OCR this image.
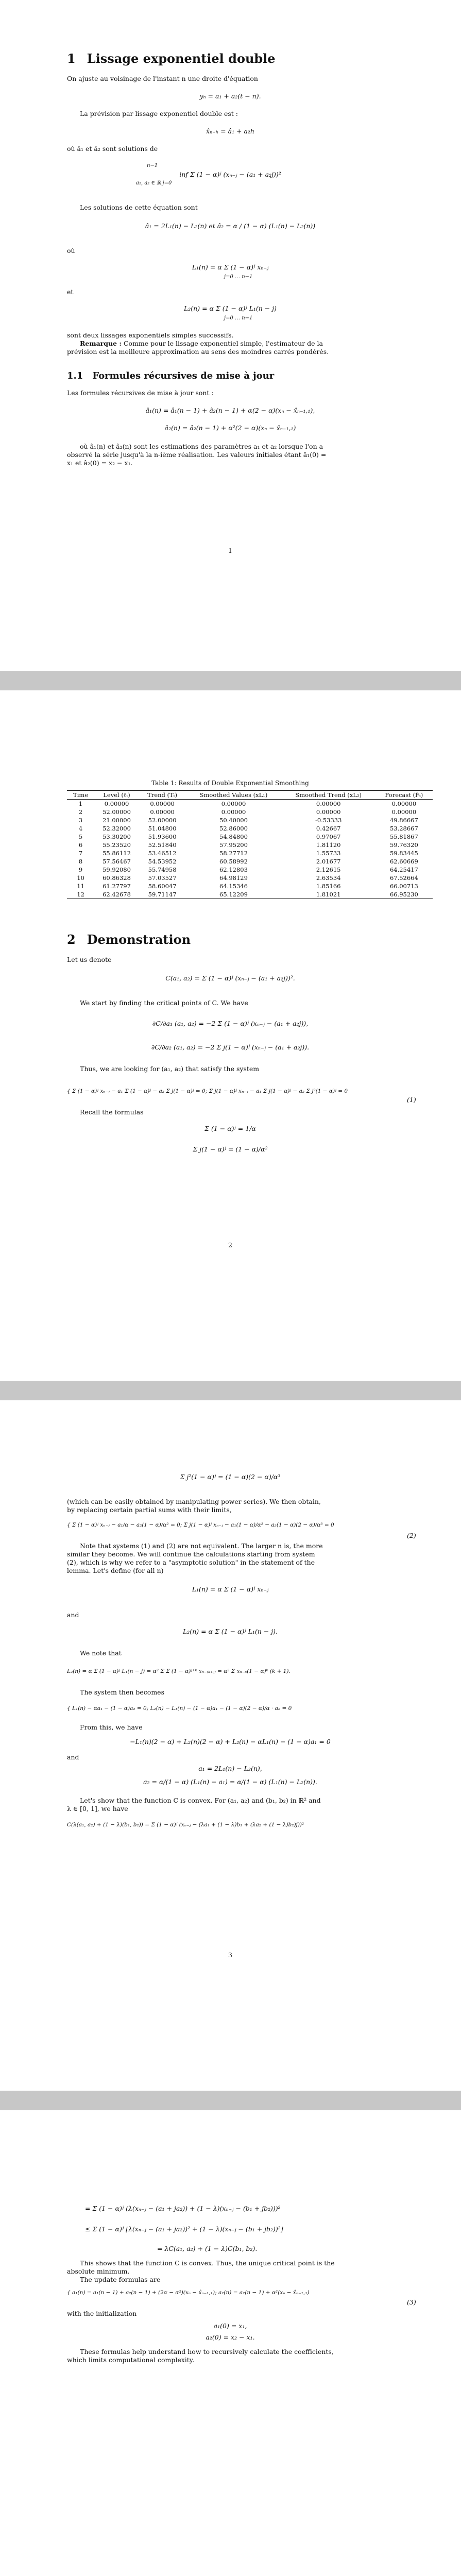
1 Lissage exponentiel double
On ajuste au voisinage de l'instant n une droite d'équation
yₙ = a₁ + a₂(t − n).
La prévision par lissage exponentiel double est :
x̂ₙ₊ₕ = â₁ + a₂h
où â₁ et â₂ sont solutions de
n−1
inf Σ (1 − α)ʲ (xₙ₋ⱼ − (a₁ + a₂j))²
a₁, a₂ ∈ ℝ j=0
Les solutions de cette équation sont
â₁ = 2L₁(n) − L₂(n) et â₂ = α / (1 − α) (L₁(n) − L₂(n))
où
L₁(n) = α Σ (1 − α)ʲ xₙ₋ⱼ
j=0 … n−1
et
L₂(n) = α Σ (1 − α)ʲ L₁(n − j)
j=0 … n−1
sont deux lissages exponentiels simples successifs.
Remarque : Comme pour le lissage exponentiel simple, l'estimateur de la
prévision est la meilleure approximation au sens des moindres carrés pondérés.
1.1 Formules récursives de mise à jour
Les formules récursives de mise à jour sont :
â₁(n) = â₁(n − 1) + â₂(n − 1) + α(2 − α)(xₙ − x̂ₙ₋₁,₁),
â₂(n) = â₂(n − 1) + α²(2 − α)(xₙ − x̂ₙ₋₁,₁)
où â₁(n) et â₂(n) sont les estimations des paramètres a₁ et a₂ lorsque l'on a
observé la série jusqu'à la n-ième réalisation. Les valeurs initiales étant â₁(0) =
x₁ et â₂(0) = x₂ − x₁.
1
Table 1: Results of Double Exponential Smoothing
Time	Level (ℓₜ)	Trend (Tₜ)	Smoothed Values (xL₁)	Smoothed Trend (xL₂)	Forecast (F̂ₜ)
1	0.00000	0.00000	0.00000	0.00000	0.00000
2	52.00000	0.00000	0.00000	0.00000	0.00000
3	21.00000	52.00000	50.40000	-0.53333	49.86667
4	52.32000	51.04800	52.86000	0.42667	53.28667
5	53.30200	51.93600	54.84800	0.97067	55.81867
6	55.23520	52.51840	57.95200	1.81120	59.76320
7	55.86112	53.46512	58.27712	1.55733	59.83445
8	57.56467	54.53952	60.58992	2.01677	62.60669
9	59.92080	55.74958	62.12803	2.12615	64.25417
10	60.86328	57.03527	64.98129	2.63534	67.52664
11	61.27797	58.60047	64.15346	1.85166	66.00713
12	62.42678	59.71147	65.12209	1.81021	66.95230
2 Demonstration
Let us denote
C(a₁, a₂) = Σ (1 − α)ʲ (xₙ₋ⱼ − (a₁ + a₂j))².
We start by finding the critical points of C. We have
∂C/∂a₁ (a₁, a₂) = −2 Σ (1 − α)ʲ (xₙ₋ⱼ − (a₁ + a₂j)),
∂C/∂a₂ (a₁, a₂) = −2 Σ j(1 − α)ʲ (xₙ₋ⱼ − (a₁ + a₂j)).
Thus, we are looking for (a₁, a₂) that satisfy the system
{ Σ (1 − α)ʲ xₙ₋ⱼ − a₁ Σ (1 − α)ʲ − a₂ Σ j(1 − α)ʲ = 0; Σ j(1 − α)ʲ xₙ₋ⱼ − a₁ Σ j(1 − α)ʲ − a₂ Σ j²(1 − α)ʲ = 0
(1)
Recall the formulas
Σ (1 − α)ʲ = 1/α
Σ j(1 − α)ʲ = (1 − α)/α²
2
Σ j²(1 − α)ʲ = (1 − α)(2 − α)/α³
(which can be easily obtained by manipulating power series). We then obtain,
by replacing certain partial sums with their limits,
{ Σ (1 − α)ʲ xₙ₋ⱼ − a₁/α − a₂(1 − α)/α² = 0; Σ j(1 − α)ʲ xₙ₋ⱼ − a₁(1 − α)/α² − a₂(1 − α)(2 − α)/α³ = 0
(2)
Note that systems (1) and (2) are not equivalent. The larger n is, the more
similar they become. We will continue the calculations starting from system
(2), which is why we refer to a "asymptotic solution" in the statement of the
lemma. Let's define (for all n)
L₁(n) = α Σ (1 − α)ʲ xₙ₋ⱼ
and
L₂(n) = α Σ (1 − α)ʲ L₁(n − j).
We note that
L₂(n) = α Σ (1 − α)ʲ L₁(n − j) = α² Σ Σ (1 − α)ʲ⁺ᵏ xₙ₋₍ₖ₊ⱼ₎ = α² Σ xₙ₋ₖ(1 − α)ᵏ (k + 1).
The system then becomes
{ L₁(n) − αa₁ − (1 − α)a₂ = 0; L₂(n) − L₁(n) − (1 − α)a₁ − (1 − α)(2 − α)/α · a₂ = 0
From this, we have
−L₁(n)(2 − α) + L₂(n)(2 − α) + L₂(n) − αL₁(n) − (1 − α)a₁ = 0
and
a₁ = 2L₁(n) − L₂(n),
a₂ = α/(1 − α) (L₁(n) − a₁) = α/(1 − α) (L₁(n) − L₂(n)).
Let's show that the function C is convex. For (a₁, a₂) and (b₁, b₂) in ℝ² and
λ ∈ [0, 1], we have
C(λ(a₁, a₂) + (1 − λ)(b₁, b₂)) = Σ (1 − α)ʲ (xₙ₋ⱼ − (λa₁ + (1 − λ)b₁ + (λa₂ + (1 − λ)b₂)j))²
3
= Σ (1 − α)ʲ (λ(xₙ₋ⱼ − (a₁ + ja₂)) + (1 − λ)(xₙ₋ⱼ − (b₁ + jb₂)))²
≤ Σ (1 − α)ʲ [λ(xₙ₋ⱼ − (a₁ + ja₂))² + (1 − λ)(xₙ₋ⱼ − (b₁ + jb₂))²]
= λC(a₁, a₂) + (1 − λ)C(b₁, b₂).
This shows that the function C is convex. Thus, the unique critical point is the
absolute minimum.
The update formulas are
{ a₁(n) = a₁(n − 1) + a₂(n − 1) + (2α − α²)(xₙ − x̂ₙ₋₁,₁); a₂(n) = a₂(n − 1) + α²(xₙ − x̂ₙ₋₁,₁)
(3)
with the initialization
a₁(0) = x₁,
a₂(0) = x₂ − x₁.
These formulas help understand how to recursively calculate the coefficients,
which limits computational complexity.
